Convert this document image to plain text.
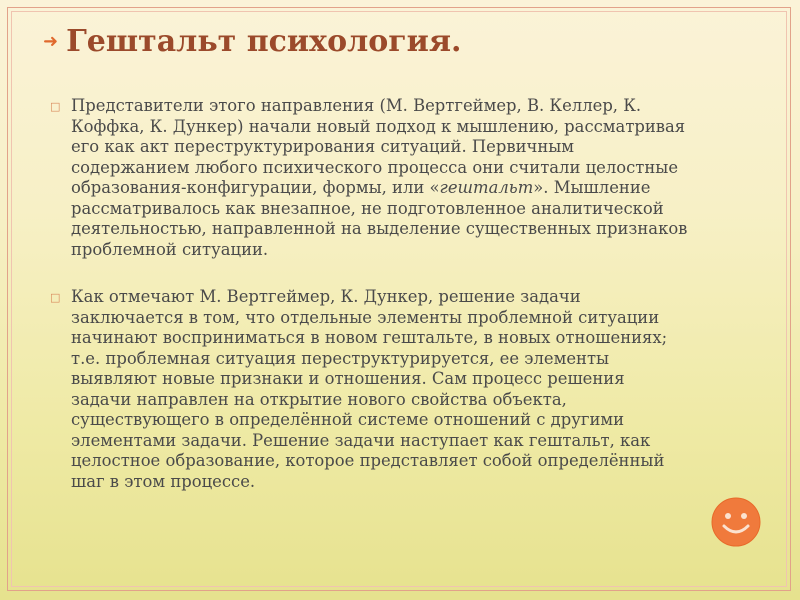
➜ Гештальт психология.

□ Представители этого направления (М. Вертгеймер, В. Келлер, К. Коффка, К. Дункер) начали новый подход к мышлению, рассматривая его как акт переструктурирования ситуаций. Первичным содержанием любого психического процесса они считали целостные образования-конфигурации, формы, или «гештальт». Мышление рассматривалось как внезапное, не подготовленное аналитической деятельностью, направленной на выделение существенных признаков проблемной ситуации.

□ Как отмечают М. Вертгеймер, К. Дункер, решение задачи заключается в том, что отдельные элементы проблемной ситуации начинают восприниматься в новом гештальте, в новых отношениях; т.е. проблемная ситуация переструктурируется, ее элементы выявляют новые признаки и отношения. Сам процесс решения задачи направлен на открытие нового свойства объекта, существующего в определённой системе отношений с другими элементами задачи. Решение задачи наступает как гештальт, как целостное образование, которое представляет собой определённый шаг в этом процессе.
